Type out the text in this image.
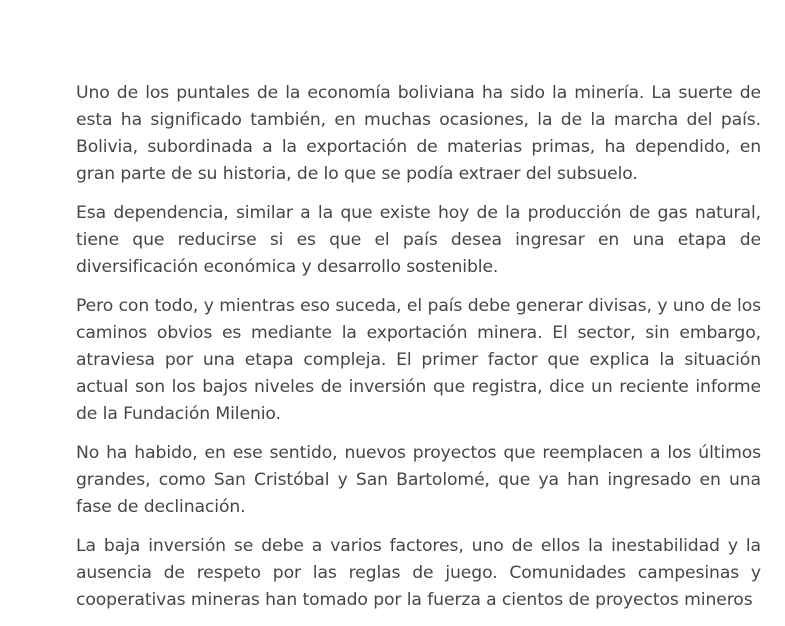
Uno de los puntales de la economía boliviana ha sido la minería. La suerte de esta ha significado también, en muchas ocasiones, la de la marcha del país. Bolivia, subordinada a la exportación de materias primas, ha dependido, en gran parte de su historia, de lo que se podía extraer del subsuelo.

Esa dependencia, similar a la que existe hoy de la producción de gas natural, tiene que reducirse si es que el país desea ingresar en una etapa de diversificación económica y desarrollo sostenible.

Pero con todo, y mientras eso suceda, el país debe generar divisas, y uno de los caminos obvios es mediante la exportación minera. El sector, sin embargo, atraviesa por una etapa compleja. El primer factor que explica la situación actual son los bajos niveles de inversión que registra, dice un reciente informe de la Fundación Milenio.

No ha habido, en ese sentido, nuevos proyectos que reemplacen a los últimos grandes, como San Cristóbal y San Bartolomé, que ya han ingresado en una fase de declinación.

La baja inversión se debe a varios factores, uno de ellos la inestabilidad y la ausencia de respeto por las reglas de juego. Comunidades campesinas y cooperativas mineras han tomado por la fuerza a cientos de proyectos mineros
